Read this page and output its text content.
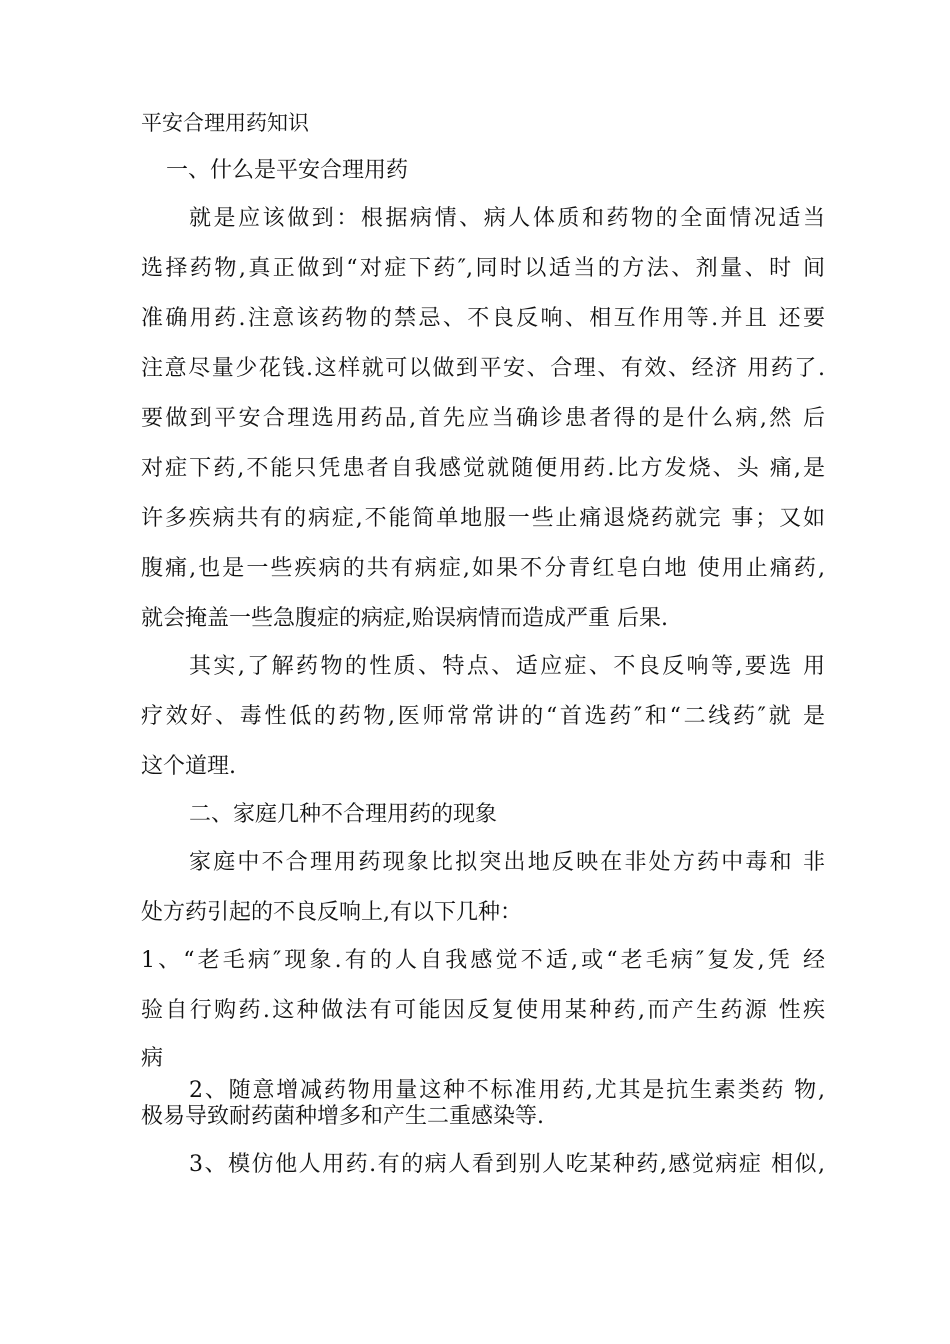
平安合理用药知识

一、什么是平安合理用药

就是应该做到：根据病情、病人体质和药物的全面情况适当

选择药物,真正做到“对症下药″,同时以适当的方法、剂量、时 间

准确用药.注意该药物的禁忌、不良反响、相互作用等.并且 还要

注意尽量少花钱.这样就可以做到平安、合理、有效、经济 用药了.

要做到平安合理选用药品,首先应当确诊患者得的是什么病,然 后

对症下药,不能只凭患者自我感觉就随便用药.比方发烧、头 痛,是

许多疾病共有的病症,不能简单地服一些止痛退烧药就完 事；又如

腹痛,也是一些疾病的共有病症,如果不分青红皂白地 使用止痛药,

就会掩盖一些急腹症的病症,贻误病情而造成严重 后果.

其实,了解药物的性质、特点、适应症、不良反响等,要选 用

疗效好、毒性低的药物,医师常常讲的“首选药″和“二线药″就 是

这个道理.

二、家庭几种不合理用药的现象

家庭中不合理用药现象比拟突出地反映在非处方药中毒和 非

处方药引起的不良反响上,有以下几种：

1、“老毛病″现象.有的人自我感觉不适,或“老毛病″复发,凭 经

验自行购药.这种做法有可能因反复使用某种药,而产生药源 性疾

病

2、随意增减药物用量这种不标准用药,尤其是抗生素类药 物,

极易导致耐药菌种增多和产生二重感染等.

3、模仿他人用药.有的病人看到别人吃某种药,感觉病症 相似,
